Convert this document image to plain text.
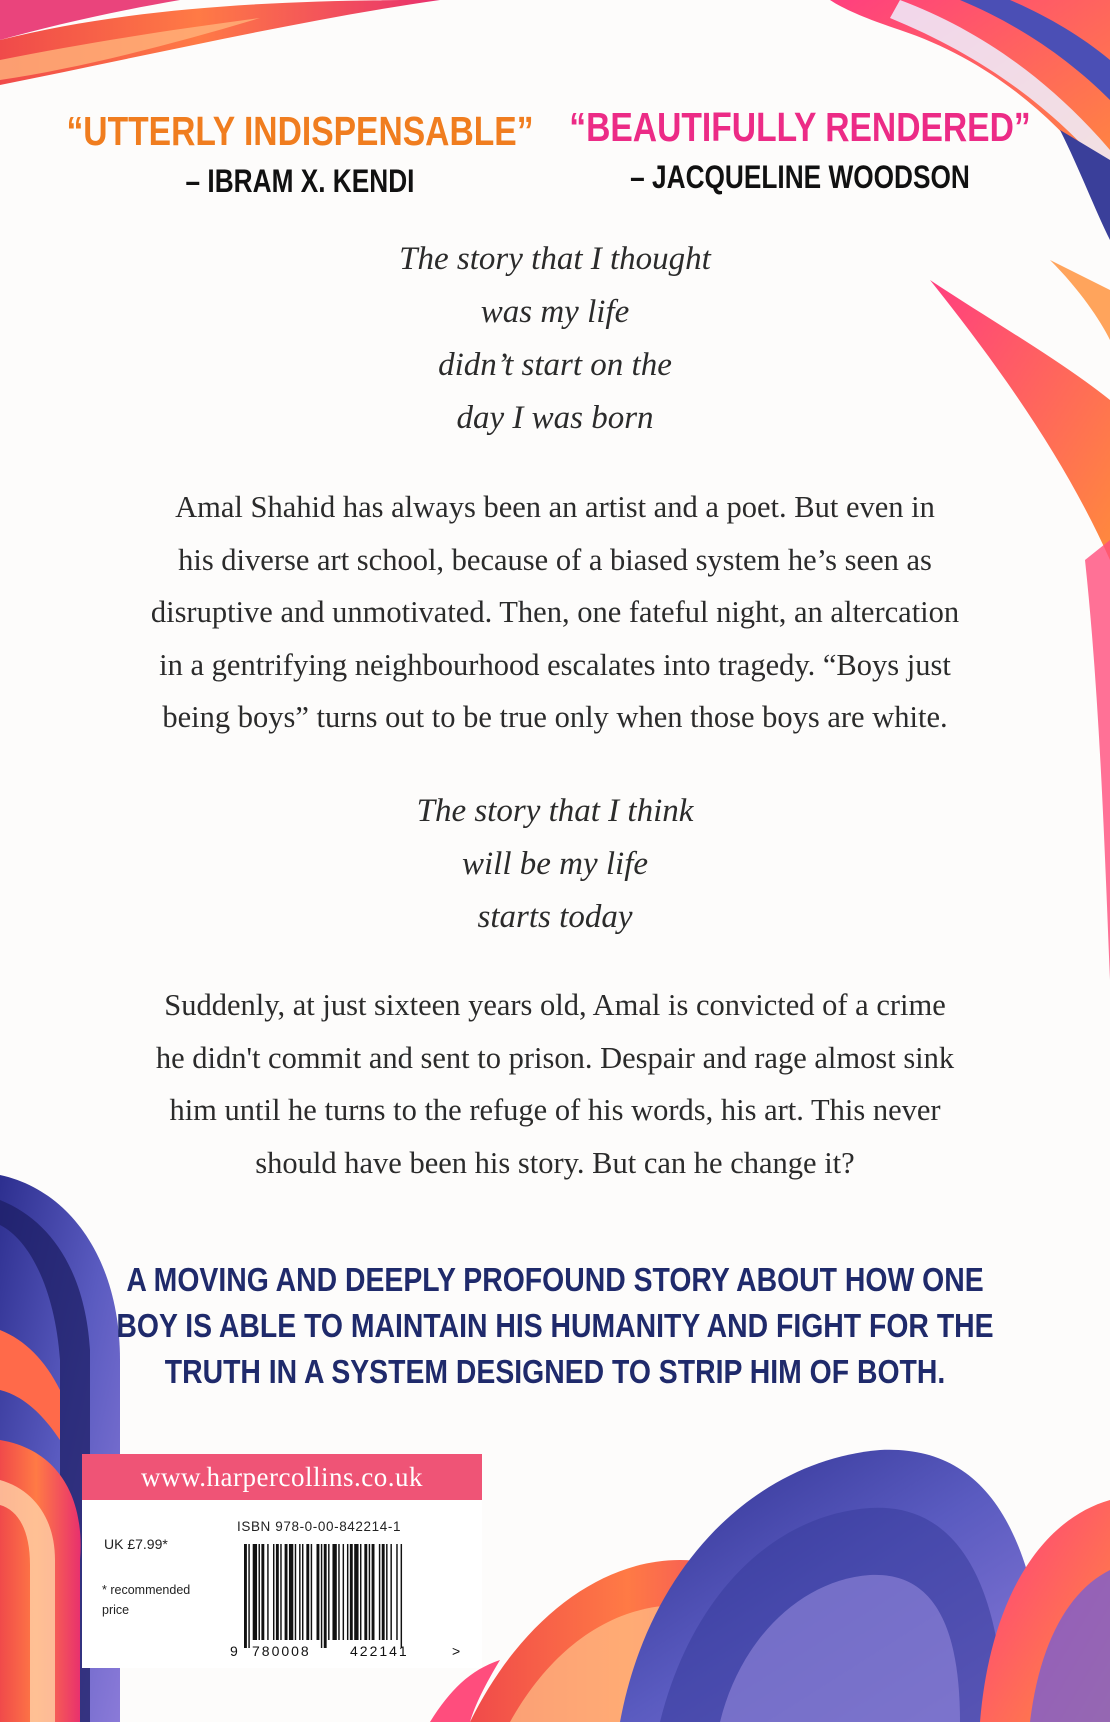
“UTTERLY INDISPENSABLE”
– IBRAM X. KENDI
“BEAUTIFULLY RENDERED”
– JACQUELINE WOODSON
The story that I thought
was my life
didn’t start on the
day I was born
Amal Shahid has always been an artist and a poet. But even in
his diverse art school, because of a biased system he’s seen as
disruptive and unmotivated. Then, one fateful night, an altercation
in a gentrifying neighbourhood escalates into tragedy. “Boys just
being boys” turns out to be true only when those boys are white.
The story that I think
will be my life
starts today
Suddenly, at just sixteen years old, Amal is convicted of a crime
he didn't commit and sent to prison. Despair and rage almost sink
him until he turns to the refuge of his words, his art. This never
should have been his story. But can he change it?
A MOVING AND DEEPLY PROFOUND STORY ABOUT HOW ONE
BOY IS ABLE TO MAINTAIN HIS HUMANITY AND FIGHT FOR THE
TRUTH IN A SYSTEM DESIGNED TO STRIP HIM OF BOTH.
www.harpercollins.co.uk
UK £7.99*
* recommended price
ISBN 978-0-00-842214-1
9 780008	422141	>
